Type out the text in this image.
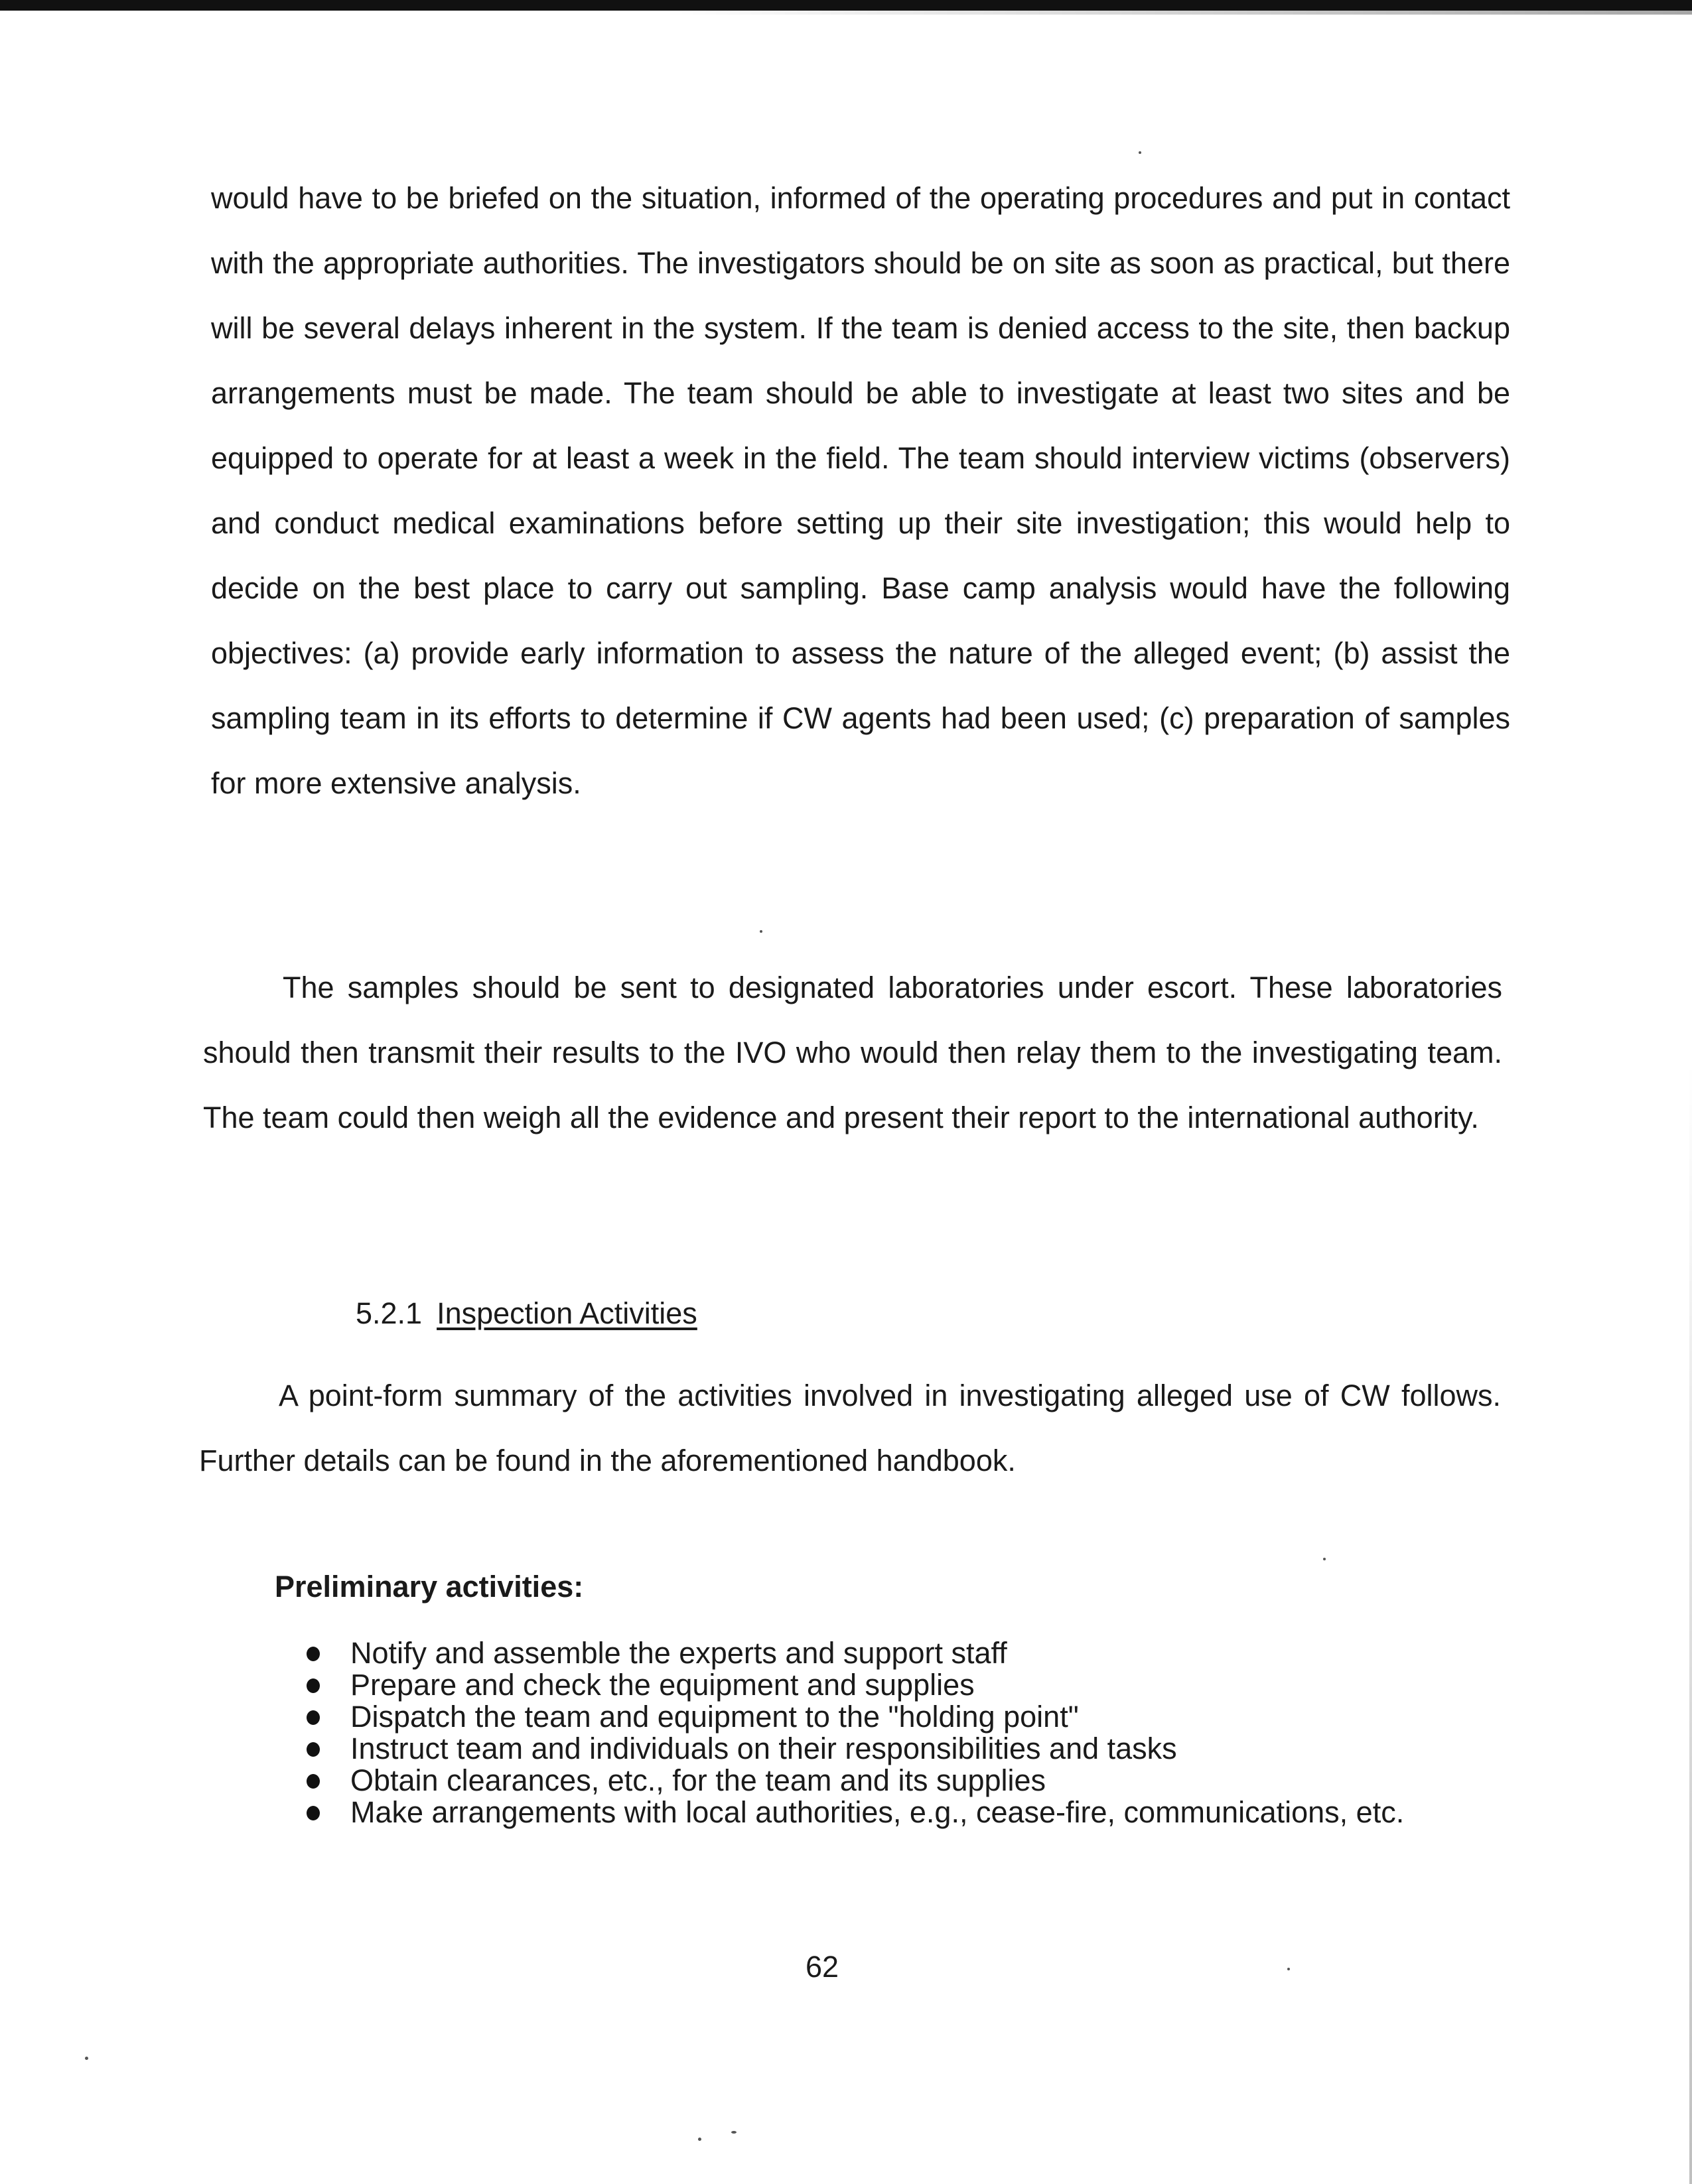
would have to be briefed on the situation, informed of the operating procedures and put in contact with the appropriate authorities. The investigators should be on site as soon as practical, but there will be several delays inherent in the system. If the team is denied access to the site, then backup arrangements must be made. The team should be able to investigate at least two sites and be equipped to operate for at least a week in the field. The team should interview victims (observers) and conduct medical examinations before setting up their site investigation; this would help to decide on the best place to carry out sampling. Base camp analysis would have the following objectives: (a) provide early information to assess the nature of the alleged event; (b) assist the sampling team in its efforts to determine if CW agents had been used; (c) preparation of samples for more extensive analysis.
The samples should be sent to designated laboratories under escort. These laboratories should then transmit their results to the IVO who would then relay them to the investigating team. The team could then weigh all the evidence and present their report to the international authority.
5.2.1 Inspection Activities
A point-form summary of the activities involved in investigating alleged use of CW follows. Further details can be found in the aforementioned handbook.
Preliminary activities:
Notify and assemble the experts and support staff
Prepare and check the equipment and supplies
Dispatch the team and equipment to the "holding point"
Instruct team and individuals on their responsibilities and tasks
Obtain clearances, etc., for the team and its supplies
Make arrangements with local authorities, e.g., cease-fire, communications, etc.
62
